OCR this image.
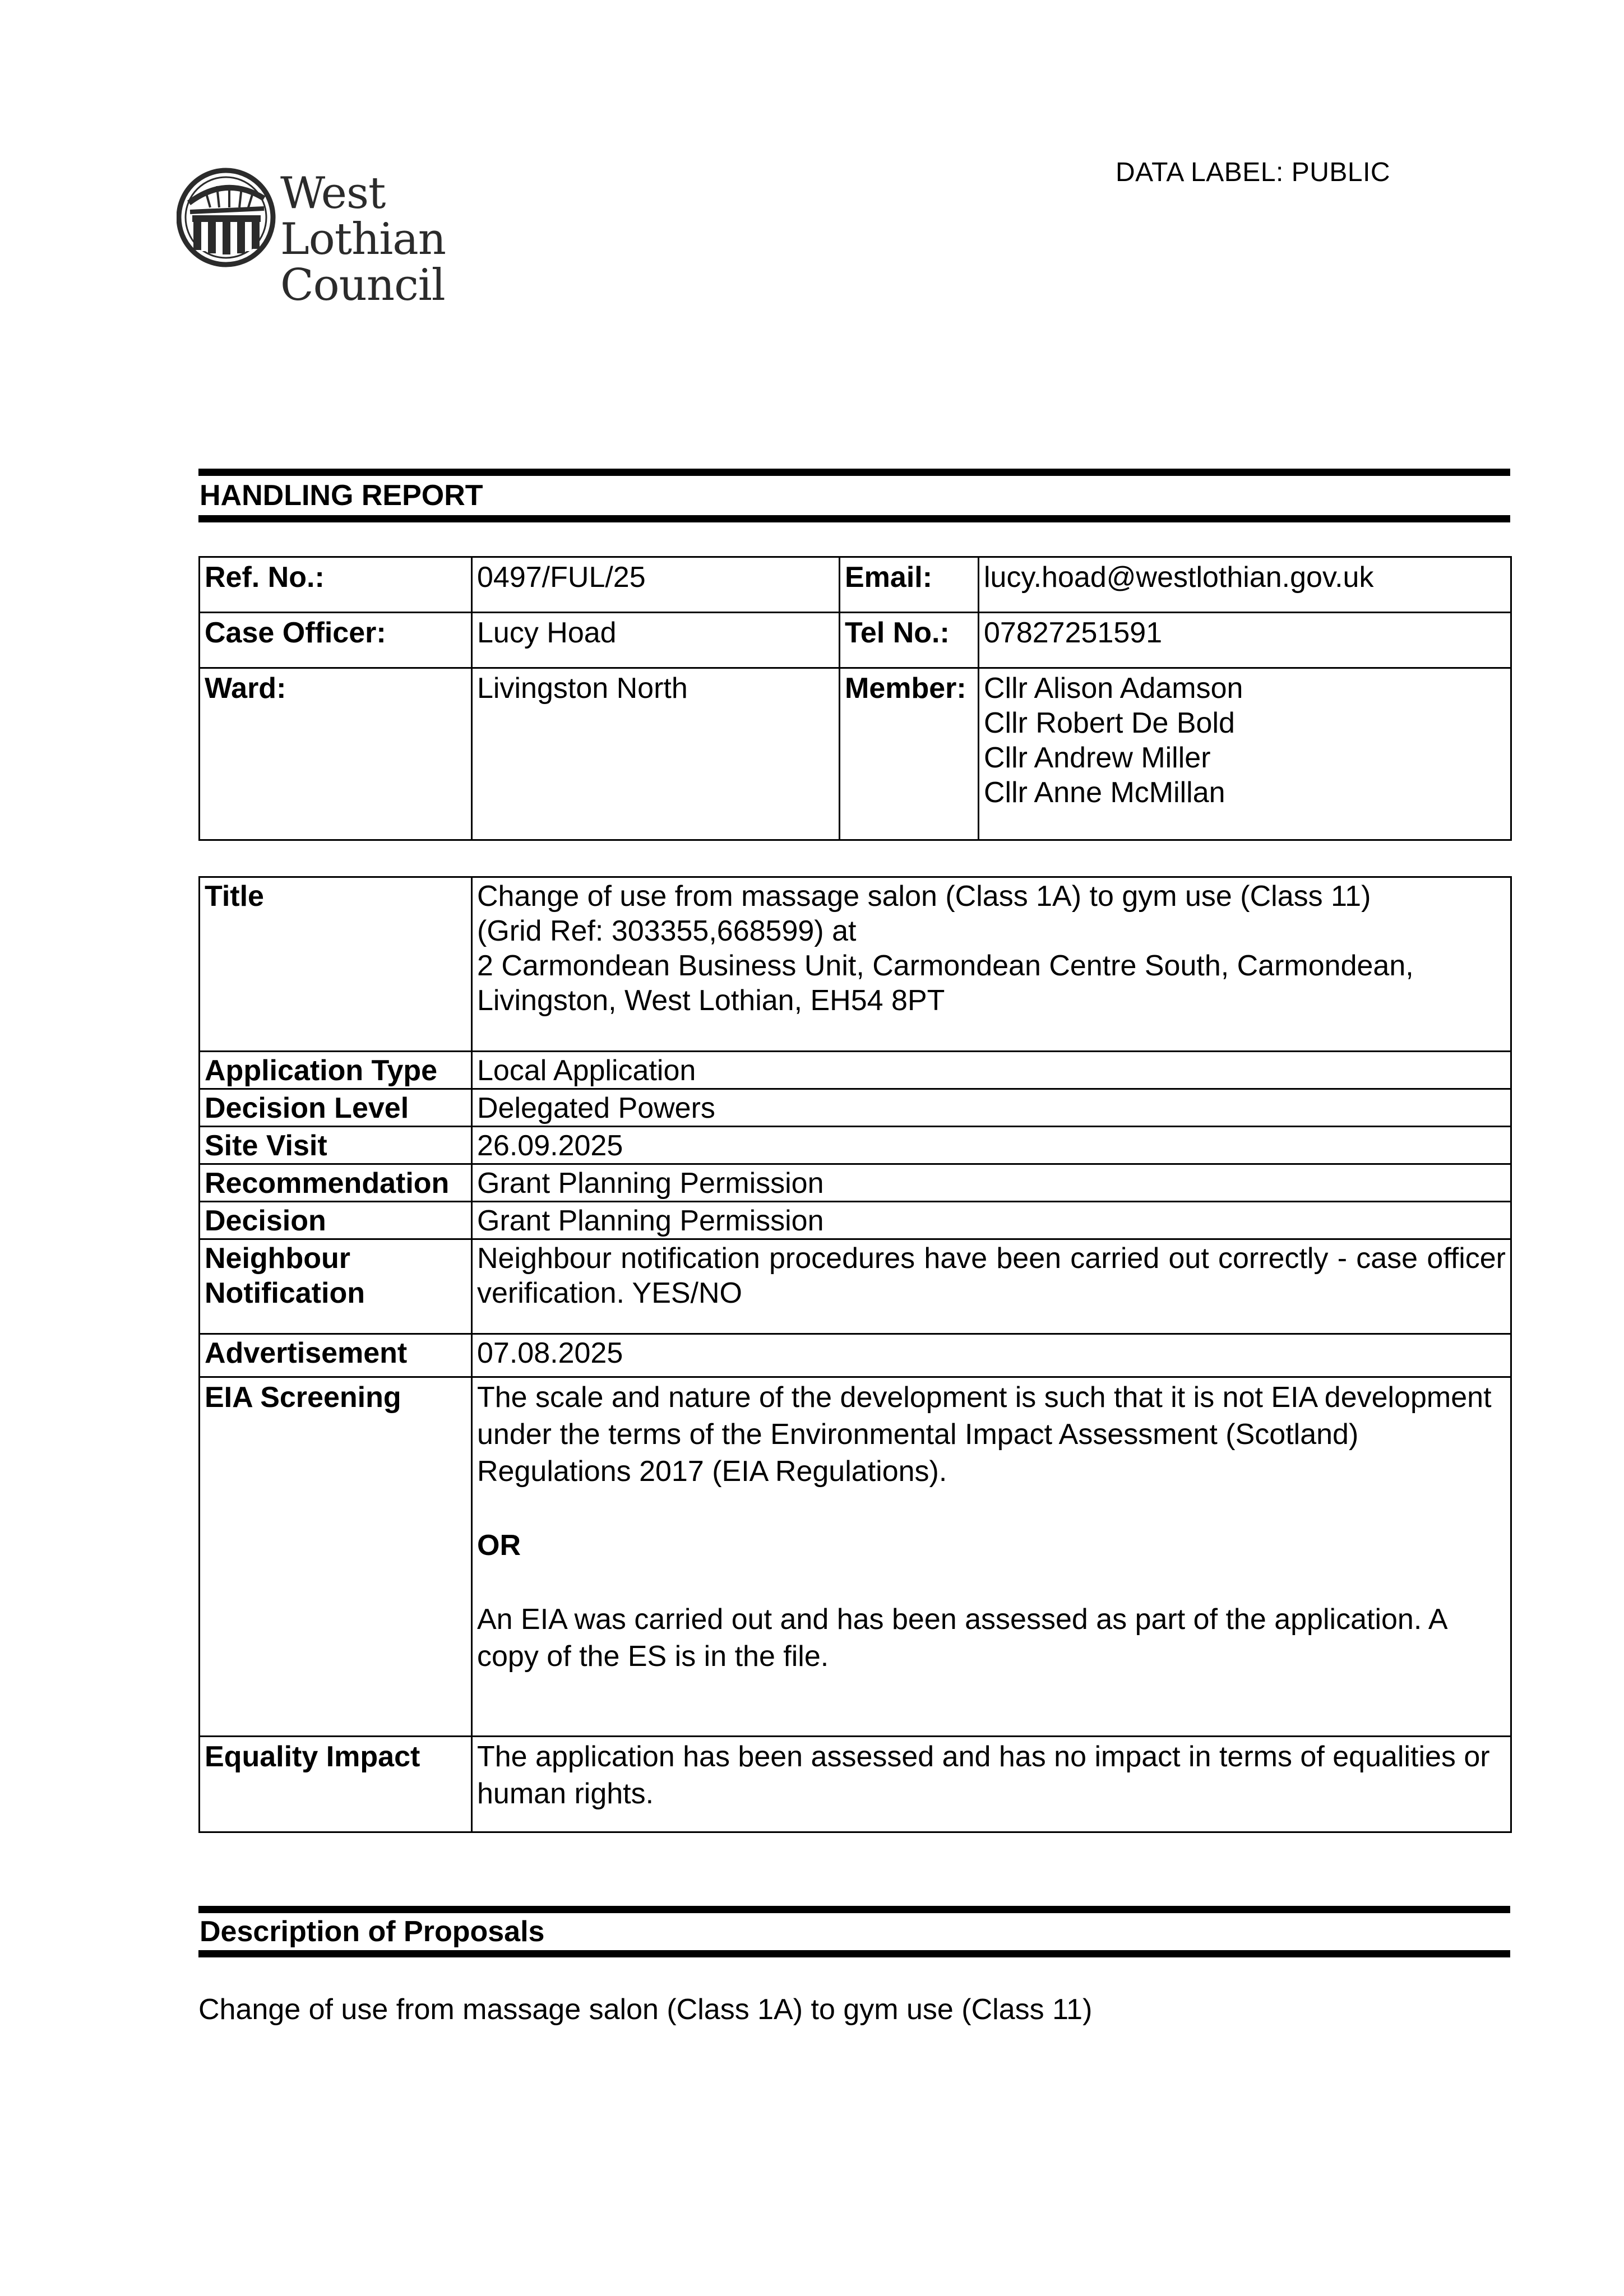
West Lothian
Council
DATA LABEL: PUBLIC
HANDLING REPORT
Ref. No.:	0497/FUL/25	Email:	lucy.hoad@westlothian.gov.uk
Case Officer:	Lucy Hoad	Tel No.:	07827251591
Ward:	Livingston North	Member:	Cllr Alison Adamson
Cllr Robert De Bold
Cllr Andrew Miller
Cllr Anne McMillan
Title	Change of use from massage salon (Class 1A) to gym use (Class 11)
(Grid Ref: 303355,668599) at
2 Carmondean Business Unit, Carmondean Centre South, Carmondean,
Livingston, West Lothian, EH54 8PT

Application Type	Local Application
Decision Level	Delegated Powers
Site Visit	26.09.2025
Recommendation	Grant Planning Permission
Decision	Grant Planning Permission

Neighbour
Notification	Neighbour notification procedures have been carried out correctly - case officer verification. YES/NO
Advertisement	07.08.2025
EIA Screening	The scale and nature of the development is such that it is not EIA development under the terms of the Environmental Impact Assessment (Scotland) Regulations 2017 (EIA Regulations).
OR
An EIA was carried out and has been assessed as part of the application. A copy of the ES is in the file.

Equality Impact	The application has been assessed and has no impact in terms of equalities or human rights.
Description of Proposals
Change of use from massage salon (Class 1A) to gym use (Class 11)
